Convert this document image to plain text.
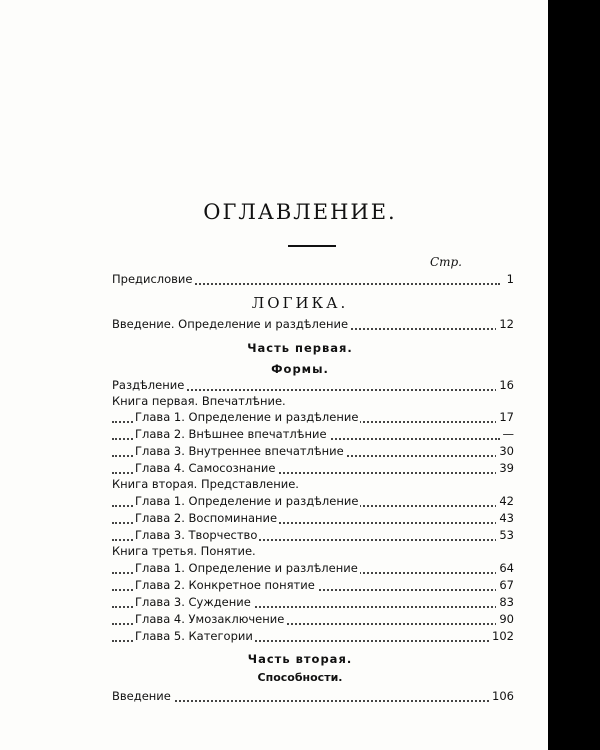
ОГЛАВЛЕНИЕ.
Стр.
Предисловие	1
ЛОГИКА.
Введение. Определение и раздѣление	12
Часть первая.
Формы.
Раздѣление	16
Книга первая. Впечатлѣние.
Глава 1. Определение и раздѣление	17
Глава 2. Внѣшнее впечатлѣние	—
Глава 3. Внутреннее впечатлѣние	30
Глава 4. Самосознание	39
Книга вторая. Представление.
Глава 1. Определение и раздѣление	42
Глава 2. Воспоминание	43
Глава 3. Творчество	53
Книга третья. Понятие.
Глава 1. Определение и разлѣление	64
Глава 2. Конкретное понятие	67
Глава 3. Суждение	83
Глава 4. Умозаключение	90
Глава 5. Категории	102
Часть вторая.
Способности.
Введение	106
